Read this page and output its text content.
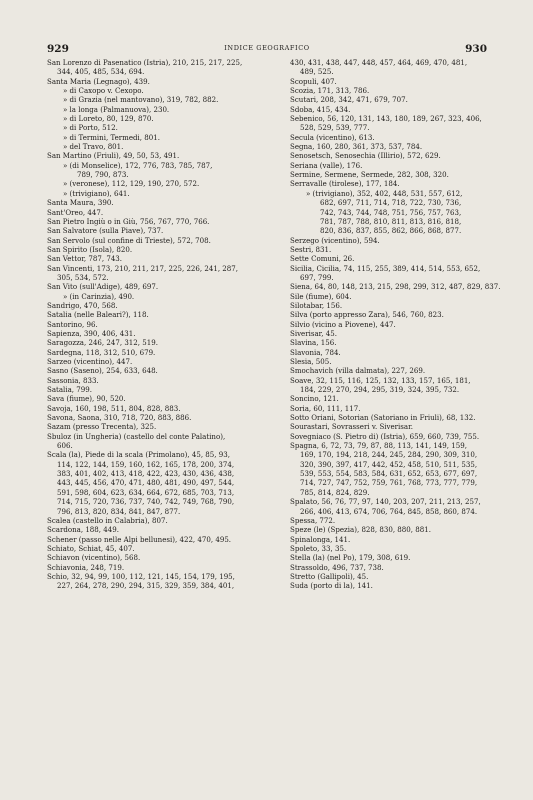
929	INDICE GEOGRAFICO	930
San Lorenzo di Pasenatico (Istria), 210, 215, 217, 225,
344, 405, 485, 534, 694.
Santa Maria (Legnago), 439.
» di Caxopo v. Cexopo.
» di Grazia (nel mantovano), 319, 782, 882.
» la longa (Palmanuova), 230.
» di Loreto, 80, 129, 870.
» di Porto, 512.
» di Termini, Termedi, 801.
» del Travo, 801.
San Martino (Friuli), 49, 50, 53, 491.
» (di Monselice), 172, 776, 783, 785, 787,
789, 790, 873.
» (veronese), 112, 129, 190, 270, 572.
» (trivigiano), 641.
Santa Maura, 390.
Sant'Oreo, 447.
San Pietro Ingiù o in Giù, 756, 767, 770, 766.
San Salvatore (sulla Piave), 737.
San Servolo (sul confine di Trieste), 572, 708.
San Spirito (Isola), 820.
San Vettor, 787, 743.
San Vincenti, 173, 210, 211, 217, 225, 226, 241, 287,
305, 534, 572.
San Vito (sull'Adige), 489, 697.
» (in Carinzia), 490.
Sandrigo, 470, 568.
Satalia (nelle Baleari?), 118.
Santorino, 96.
Sapienza, 390, 406, 431.
Saragozza, 246, 247, 312, 519.
Sardegna, 118, 312, 510, 679.
Sarzeo (vicentino), 447.
Sasno (Saseno), 254, 633, 648.
Sassonia, 833.
Satalia, 799.
Sava (fiume), 90, 520.
Savoja, 160, 198, 511, 804, 828, 883.
Savona, Saona, 310, 718, 720, 883, 886.
Sazam (presso Trecenta), 325.
Sbuloz (in Ungheria) (castello del conte Palatino),
606.
Scala (la), Piede di la scala (Primolano), 45, 85, 93,
114, 122, 144, 159, 160, 162, 165, 178, 200, 374,
383, 401, 402, 413, 418, 422, 423, 430, 436, 438,
443, 445, 456, 470, 471, 480, 481, 490, 497, 544,
591, 598, 604, 623, 634, 664, 672, 685, 703, 713,
714, 715, 720, 736, 737, 740, 742, 749, 768, 790,
796, 813, 820, 834, 841, 847, 877.
Scalea (castello in Calabria), 807.
Scardona, 188, 449.
Schener (passo nelle Alpi bellunesi), 422, 470, 495.
Schiato, Schiat, 45, 407.
Schiavon (vicentino), 568.
Schiavonia, 248, 719.
Schio, 32, 94, 99, 100, 112, 121, 145, 154, 179, 195,
227, 264, 278, 290, 294, 315, 329, 359, 384, 401,
430, 431, 438, 447, 448, 457, 464, 469, 470, 481,
489, 525.
Scopuli, 407.
Scozia, 171, 313, 786.
Scutari, 208, 342, 471, 679, 707.
Sdoba, 415, 434.
Sebenico, 56, 120, 131, 143, 180, 189, 267, 323, 406,
528, 529, 539, 777.
Secula (vicentino), 613.
Segna, 160, 280, 361, 373, 537, 784.
Senosetsch, Senosechia (Illirio), 572, 629.
Seriana (valle), 176.
Sermine, Sermene, Sermede, 282, 308, 320.
Serravalle (tirolese), 177, 184.
» (trivigiano), 352, 402, 448, 531, 557, 612,
682, 697, 711, 714, 718, 722, 730, 736,
742, 743, 744, 748, 751, 756, 757, 763,
781, 787, 788, 810, 811, 813, 816, 818,
820, 836, 837, 855, 862, 866, 868, 877.
Serzego (vicentino), 594.
Sestri, 831.
Sette Comuni, 26.
Sicilia, Cicilia, 74, 115, 255, 389, 414, 514, 553, 652,
697, 799.
Siena, 64, 80, 148, 213, 215, 298, 299, 312, 487, 829, 837.
Sile (fiume), 604.
Silotabar, 156.
Silva (porto appresso Zara), 546, 760, 823.
Silvio (vicino a Piovene), 447.
Siverisar, 45.
Slavina, 156.
Slavonia, 784.
Slesia, 505.
Smochavich (villa dalmata), 227, 269.
Soave, 32, 115, 116, 125, 132, 133, 157, 165, 181,
184, 229, 270, 294, 295, 319, 324, 395, 732.
Soncino, 121.
Soria, 60, 111, 117.
Sotto Oriani, Sotorian (Satoriano in Friuli), 68, 132.
Sourastari, Sovrasseri v. Siverisar.
Sovegniaco (S. Pietro di) (Istria), 659, 660, 739, 755.
Spagna, 6, 72, 73, 79, 87, 88, 113, 141, 149, 159,
169, 170, 194, 218, 244, 245, 284, 290, 309, 310,
320, 390, 397, 417, 442, 452, 458, 510, 511, 535,
539, 553, 554, 583, 584, 631, 652, 653, 677, 697,
714, 727, 747, 752, 759, 761, 768, 773, 777, 779,
785, 814, 824, 829.
Spalato, 56, 76, 77, 97, 140, 203, 207, 211, 213, 257,
266, 406, 413, 674, 706, 764, 845, 858, 860, 874.
Spessa, 772.
Speze (le) (Spezia), 828, 830, 880, 881.
Spinalonga, 141.
Spoleto, 33, 35.
Stella (la) (nel Po), 179, 308, 619.
Strassoldo, 496, 737, 738.
Stretto (Gallipoli), 45.
Suda (porto di la), 141.
